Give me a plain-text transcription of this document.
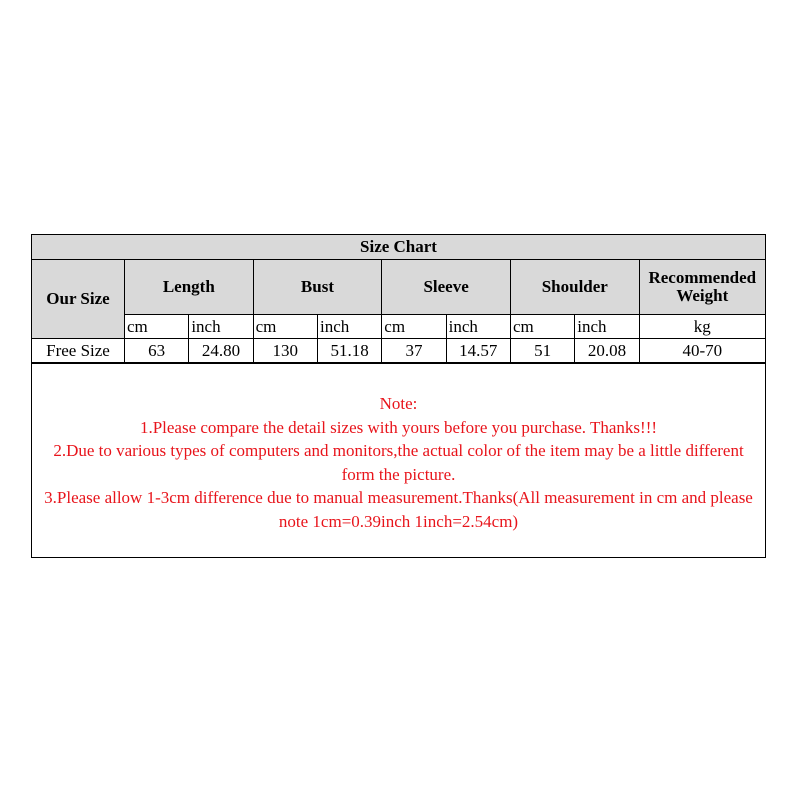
Size Chart									
Our Size	Length		Bust		Sleeve		Shoulder		Recommended Weight
	cm	inch	cm	inch	cm	inch	cm	inch	kg
Free Size	63	24.80	130	51.18	37	14.57	51	20.08	40-70
Note:
1.Please compare the detail sizes with yours before you purchase. Thanks!!!
2.Due to various types of computers and monitors,the actual color of the item may be a little different form the picture.
3.Please allow 1-3cm difference due to manual measurement.Thanks(All measurement in cm and please note 1cm=0.39inch 1inch=2.54cm)
